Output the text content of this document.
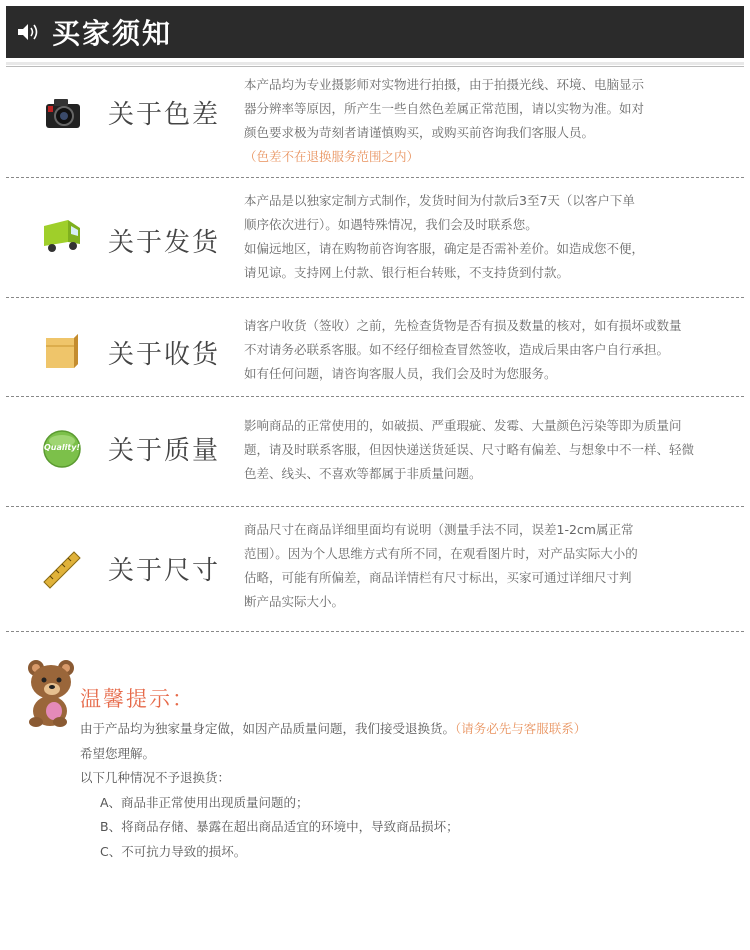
买家须知
关于色差

本产品均为专业摄影师对实物进行拍摄，由于拍摄光线、环境、电脑显示

器分辨率等原因，所产生一些自然色差属正常范围，请以实物为准。如对

颜色要求极为苛刻者请谨慎购买，或购买前咨询我们客服人员。

（色差不在退换服务范围之内）

关于发货

本产品是以独家定制方式制作，发货时间为付款后3至7天（以客户下单

顺序依次进行）。如遇特殊情况，我们会及时联系您。

如偏远地区，请在购物前咨询客服，确定是否需补差价。如造成您不便，

请见谅。支持网上付款、银行柜台转账，不支持货到付款。

关于收货

请客户收货（签收）之前，先检查货物是否有损及数量的核对，如有损坏或数量

不对请务必联系客服。如不经仔细检查冒然签收，造成后果由客户自行承担。

如有任何问题，请咨询客服人员，我们会及时为您服务。

Quality! 关于质量

影响商品的正常使用的，如破损、严重瑕疵、发霉、大量颜色污染等即为质量问

题，请及时联系客服，但因快递送货延误、尺寸略有偏差、与想象中不一样、轻微

色差、线头、不喜欢等都属于非质量问题。

关于尺寸

商品尺寸在商品详细里面均有说明（测量手法不同，误差1-2cm属正常

范围）。因为个人思维方式有所不同，在观看图片时，对产品实际大小的

估略，可能有所偏差，商品详情栏有尺寸标出，买家可通过详细尺寸判

断产品实际大小。

温馨提示：

由于产品均为独家量身定做，如因产品质量问题，我们接受退换货。（请务必先与客服联系）

希望您理解。

以下几种情况不予退换货：

A、商品非正常使用出现质量问题的；

B、将商品存储、暴露在超出商品适宜的环境中，导致商品损坏；

C、不可抗力导致的损坏。
